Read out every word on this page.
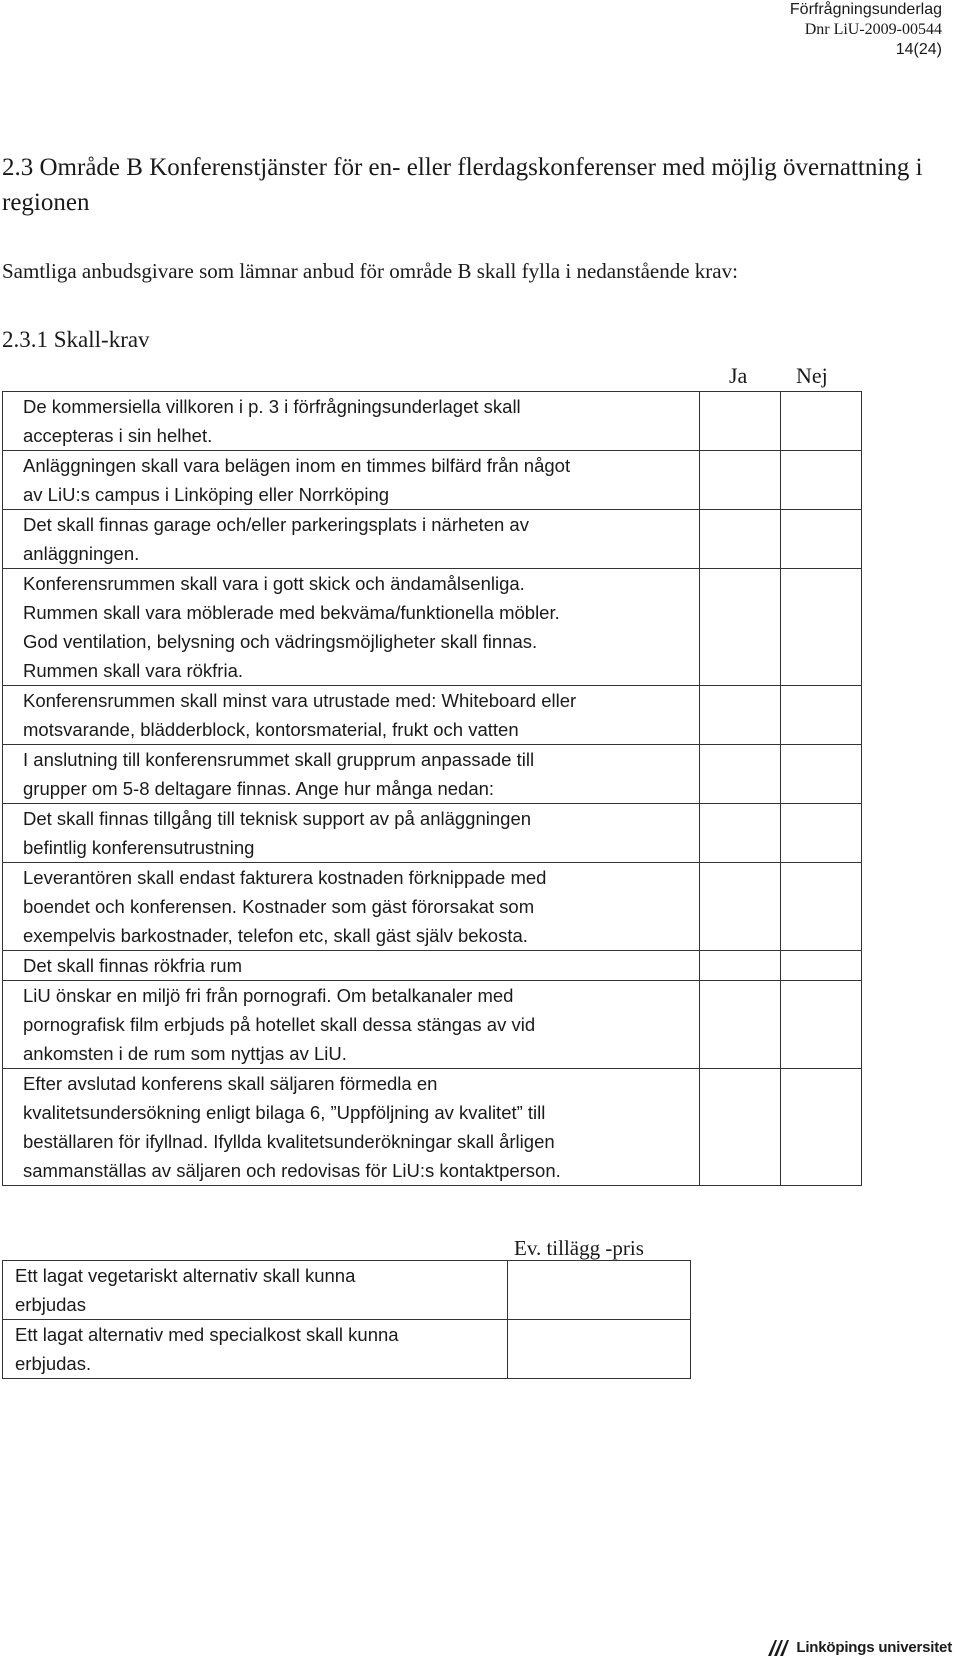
Förfrågningsunderlag
Dnr LiU-2009-00544
14(24)
2.3 Område B Konferenstjänster för en- eller flerdagskonferenser med möjlig övernattning i regionen
Samtliga anbudsgivare som lämnar anbud för område B skall fylla i nedanstående krav:
2.3.1 Skall-krav
Ja Nej
De kommersiella villkoren i p. 3 i förfrågningsunderlaget skall
accepteras i sin helhet.		

Anläggningen skall vara belägen inom en timmes bilfärd från något
av LiU:s campus i Linköping eller Norrköping		

Det skall finnas garage och/eller parkeringsplats i närheten av
anläggningen.		

Konferensrummen skall vara i gott skick och ändamålsenliga.
Rummen skall vara möblerade med bekväma/funktionella möbler.
God ventilation, belysning och vädringsmöjligheter skall finnas.
Rummen skall vara rökfria.		

Konferensrummen skall minst vara utrustade med: Whiteboard eller
motsvarande, blädderblock, kontorsmaterial, frukt och vatten		

I anslutning till konferensrummet skall grupprum anpassade till
grupper om 5-8 deltagare finnas. Ange hur många nedan:		

Det skall finnas tillgång till teknisk support av på anläggningen
befintlig konferensutrustning		

Leverantören skall endast fakturera kostnaden förknippade med
boendet och konferensen. Kostnader som gäst förorsakat som
exempelvis barkostnader, telefon etc, skall gäst själv bekosta.		

Det skall finnas rökfria rum		

LiU önskar en miljö fri från pornografi. Om betalkanaler med
pornografisk film erbjuds på hotellet skall dessa stängas av vid
ankomsten i de rum som nyttjas av LiU.		

Efter avslutad konferens skall säljaren förmedla en
kvalitetsundersökning enligt bilaga 6, ”Uppföljning av kvalitet” till
beställaren för ifyllnad. Ifyllda kvalitetsunderökningar skall årligen
sammanställas av säljaren och redovisas för LiU:s kontaktperson.		

Ev. tillägg -pris
Ett lagat vegetariskt alternativ skall kunna
erbjudas	

Ett lagat alternativ med specialkost skall kunna
erbjudas.	

Linköpings universitet
